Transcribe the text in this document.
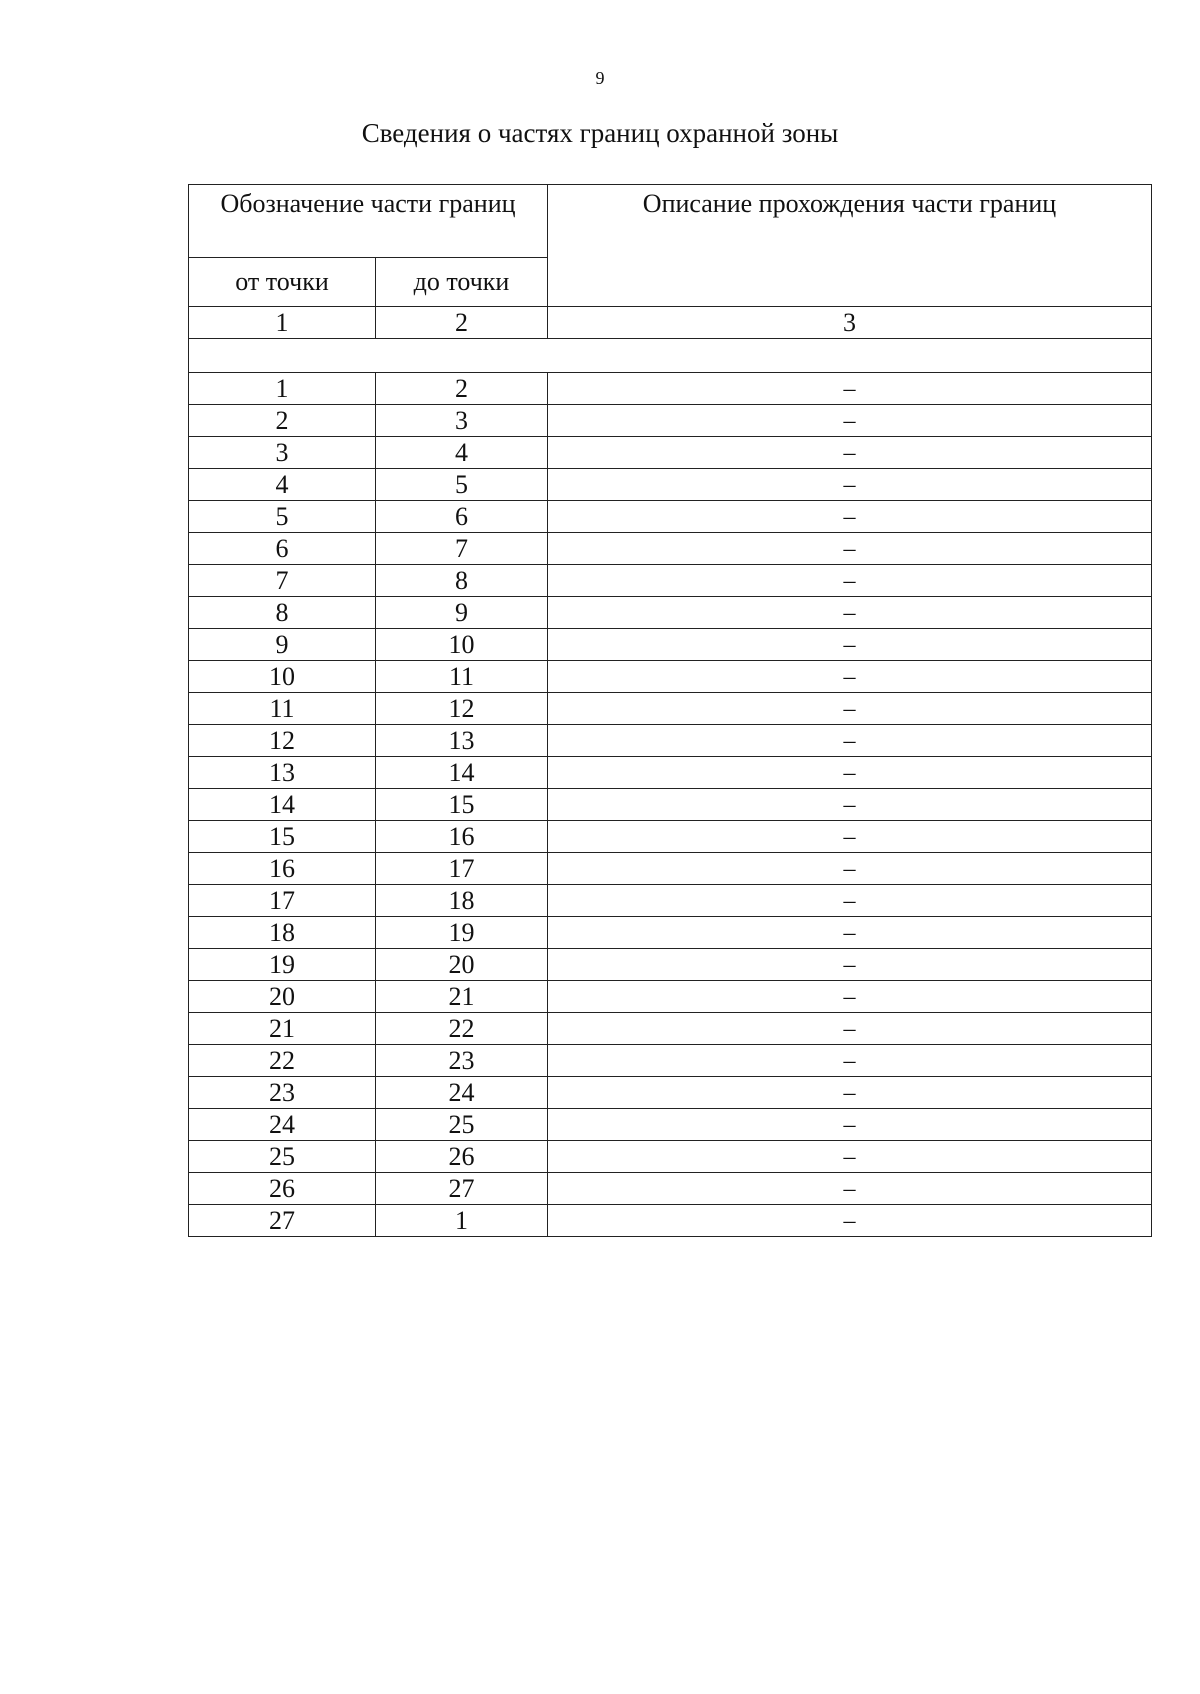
9
Сведения о частях границ охранной зоны
Обозначение части границ		Описание прохождения части границ
от точки	до точки	
1	2	3

1	2	–
2	3	–
3	4	–
4	5	–
5	6	–
6	7	–
7	8	–
8	9	–
9	10	–
10	11	–
11	12	–
12	13	–
13	14	–
14	15	–
15	16	–
16	17	–
17	18	–
18	19	–
19	20	–
20	21	–
21	22	–
22	23	–
23	24	–
24	25	–
25	26	–
26	27	–
27	1	–
